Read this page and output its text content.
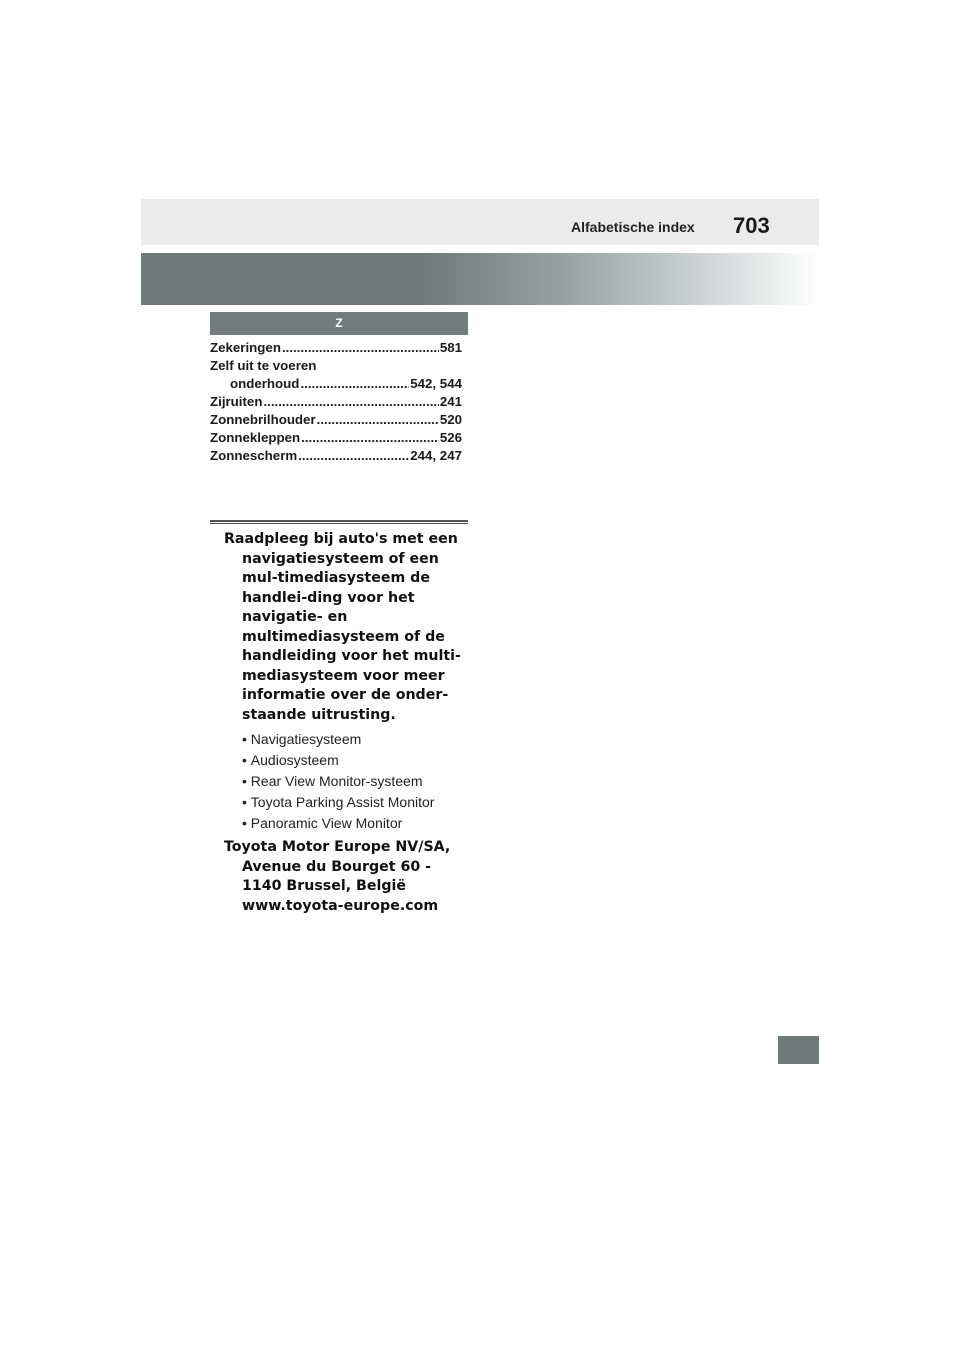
Alfabetische index 703
Z
Zekeringen .....	581
Zelf uit te voeren
onderhoud .....	542, 544
Zijruiten .....	241
Zonnebrilhouder .....	520
Zonnekleppen .....	526
Zonnescherm .....	244, 247
Raadpleeg bij auto's met een navigatiesysteem of een mul-timediasysteem de handlei-ding voor het navigatie- en multimediasysteem of de handleiding voor het multi-mediasysteem voor meer informatie over de onder-staande uitrusting.
• Navigatiesysteem
• Audiosysteem
• Rear View Monitor-systeem
• Toyota Parking Assist Monitor
• Panoramic View Monitor
Toyota Motor Europe NV/SA, Avenue du Bourget 60 - 1140 Brussel, België www.toyota-europe.com
